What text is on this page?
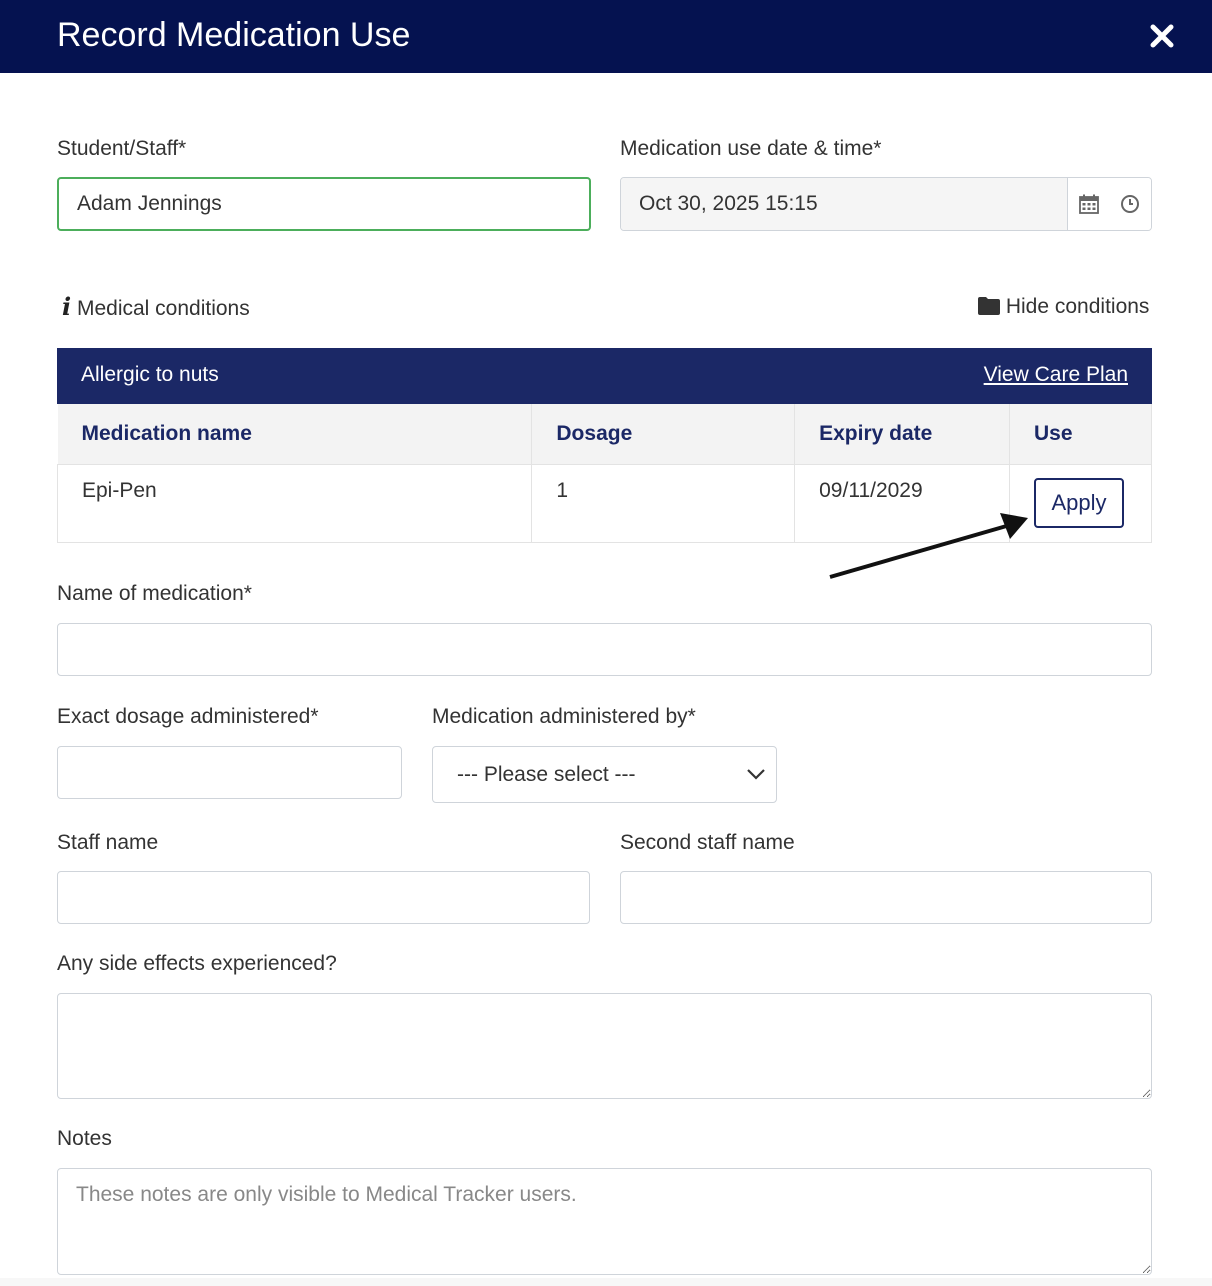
Record Medication Use
Student/Staff*
Adam Jennings	Medication use date & time*
Oct 30, 2025 15:15
i Medical conditions	Hide conditions
Allergic to nuts	View Care Plan
Medication name	Dosage	Expiry date	Use
Epi-Pen	1	09/11/2029	Apply
Name of medication*
Exact dosage administered*	Medication administered by*
--- Please select ---
Staff name	Second staff name
Any side effects experienced?
Notes
These notes are only visible to Medical Tracker users.
